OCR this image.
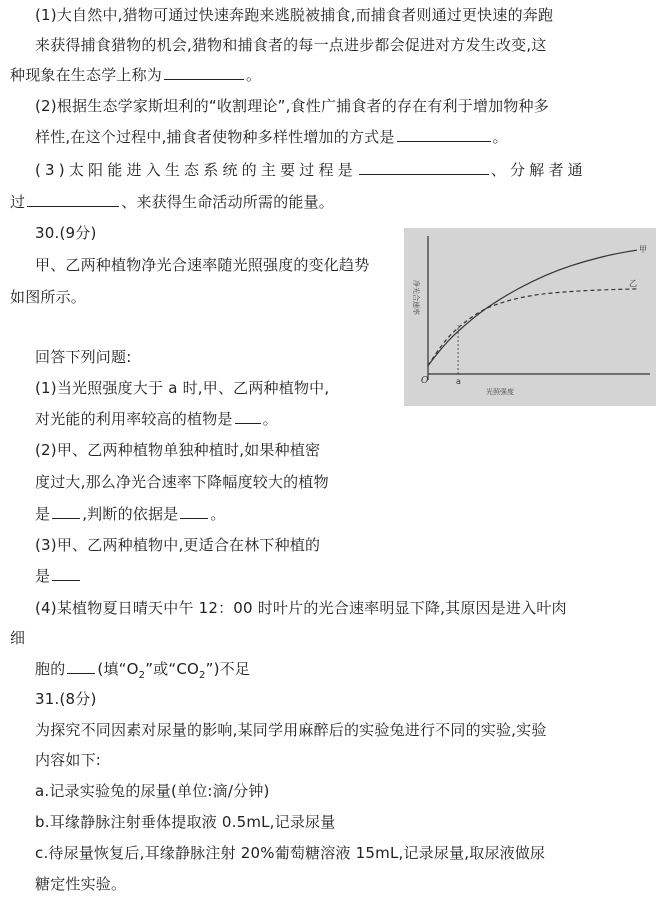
(1)大自然中,猎物可通过快速奔跑来逃脱被捕食,而捕食者则通过更快速的奔跑
来获得捕食猎物的机会,猎物和捕食者的每一点进步都会促进对方发生改变,这
种现象在生态学上称为	。
(2)根据生态学家斯坦利的“收割理论”,食性广捕食者的存在有利于增加物种多
样性,在这个过程中,捕食者使物种多样性增加的方式是	。
(3)太阳能进入生态系统的主要过程是	、分解者通
过	、来获得生命活动所需的能量。
30.(9分)
甲、乙两种植物净光合速率随光照强度的变化趋势
如图所示。
回答下列问题:
(1)当光照强度大于 a 时,甲、乙两种植物中,
对光能的利用率较高的植物是 。
(2)甲、乙两种植物单独种植时,如果种植密
度过大,那么净光合速率下降幅度较大的植物
是 ,判断的依据是 。
(3)甲、乙两种植物中,更适合在林下种植的
是
(4)某植物夏日晴天中午 12：00 时叶片的光合速率明显下降,其原因是进入叶肉
细
胞的 (填“$O_2$”或“$CO_2$”)不足
31.(8分)
为探究不同因素对尿量的影响,某同学用麻醉后的实验兔进行不同的实验,实验
内容如下:
a.记录实验兔的尿量(单位:滴/分钟)
b.耳缘静脉注射垂体提取液 0.5mL,记录尿量
c.待尿量恢复后,耳缘静脉注射 20%葡萄糖溶液 15mL,记录尿量,取尿液做尿
糖定性实验。
O	a
光照强度
净光合速率
甲
乙
